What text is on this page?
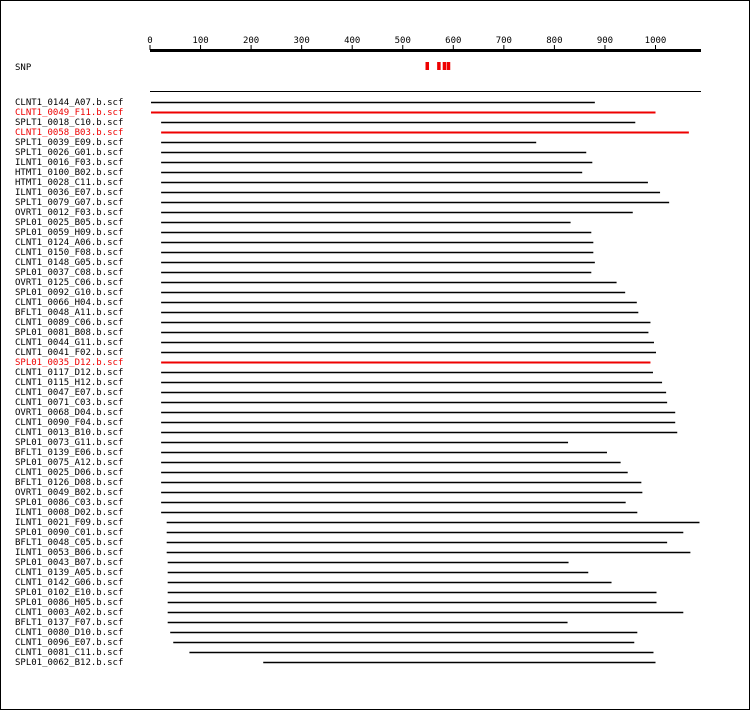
0	100	200	300	400	500	600	700	800	900	1000
SNP
CLNT1_0144_A07.b.scf
CLNT1_0049_F11.b.scf
SPLT1_0018_C10.b.scf
CLNT1_0058_B03.b.scf
SPLT1_0039_E09.b.scf
SPLT1_0026_G01.b.scf
ILNT1_0016_F03.b.scf
HTMT1_0100_B02.b.scf
HTMT1_0028_C11.b.scf
ILNT1_0036_E07.b.scf
SPLT1_0079_G07.b.scf
OVRT1_0012_F03.b.scf
SPL01_0025_B05.b.scf
SPL01_0059_H09.b.scf
CLNT1_0124_A06.b.scf
CLNT1_0150_F08.b.scf
CLNT1_0148_G05.b.scf
SPL01_0037_C08.b.scf
OVRT1_0125_C06.b.scf
SPL01_0092_G10.b.scf
CLNT1_0066_H04.b.scf
BFLT1_0048_A11.b.scf
CLNT1_0089_C06.b.scf
SPL01_0081_B08.b.scf
CLNT1_0044_G11.b.scf
CLNT1_0041_F02.b.scf
SPL01_0035_D12.b.scf
CLNT1_0117_D12.b.scf
CLNT1_0115_H12.b.scf
CLNT1_0047_E07.b.scf
CLNT1_0071_C03.b.scf
OVRT1_0068_D04.b.scf
CLNT1_0090_F04.b.scf
CLNT1_0013_B10.b.scf
SPL01_0073_G11.b.scf
BFLT1_0139_E06.b.scf
SPL01_0075_A12.b.scf
CLNT1_0025_D06.b.scf
BFLT1_0126_D08.b.scf
OVRT1_0049_B02.b.scf
SPL01_0086_C03.b.scf
ILNT1_0008_D02.b.scf
ILNT1_0021_F09.b.scf
SPL01_0090_C01.b.scf
BFLT1_0048_C05.b.scf
ILNT1_0053_B06.b.scf
SPL01_0043_B07.b.scf
CLNT1_0139_A05.b.scf
CLNT1_0142_G06.b.scf
SPL01_0102_E10.b.scf
SPL01_0086_H05.b.scf
CLNT1_0003_A02.b.scf
BFLT1_0137_F07.b.scf
CLNT1_0080_D10.b.scf
CLNT1_0096_E07.b.scf
CLNT1_0081_C11.b.scf
SPL01_0062_B12.b.scf
